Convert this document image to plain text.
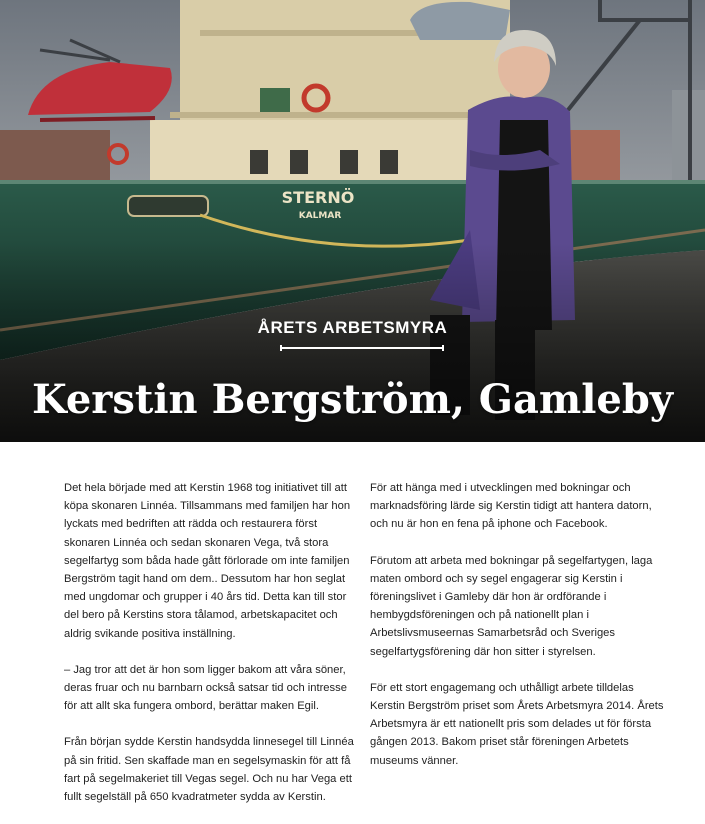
ÅRETS ARBETSMYRA
Kerstin Bergström, Gamleby

Det hela började med att Kerstin 1968 tog initiativet till att köpa skonaren Linnéa. Tillsammans med familjen har hon lyckats med bedriften att rädda och restaurera först skonaren Linnéa och sedan skonaren Vega, två stora segelfartyg som båda hade gått förlorade om inte familjen Bergström tagit hand om dem.. Dessutom har hon seglat med ungdomar och grupper i 40 års tid. Detta kan till stor del bero på Kerstins stora tålamod, arbetskapacitet och aldrig svikande positiva inställning.

– Jag tror att det är hon som ligger bakom att våra söner, deras fruar och nu barnbarn också satsar tid och intresse för att allt ska fungera ombord, berättar maken Egil.

Från början sydde Kerstin handsydda linnesegel till Linnéa på sin fritid. Sen skaffade man en segelsymaskin för att få fart på segelmakeriet till Vegas segel. Och nu har Vega ett fullt segelställ på 650 kvadratmeter sydda av Kerstin.

För att hänga med i utvecklingen med bokningar och marknadsföring lärde sig Kerstin tidigt att hantera datorn, och nu är hon en fena på iphone och Facebook.

Förutom att arbeta med bokningar på segelfartygen, laga maten ombord och sy segel engagerar sig Kerstin i föreningslivet i Gamleby där hon är ordförande i hembygdsföreningen och på nationellt plan i Arbetslivsmuseernas Samarbetsråd och Sveriges segelfartygsförening där hon sitter i styrelsen.

För ett stort engagemang och uthålligt arbete tilldelas Kerstin Bergström priset som Årets Arbetsmyra 2014. Årets Arbetsmyra är ett nationellt pris som delades ut för första gången 2013. Bakom priset står föreningen Arbetets museums vänner.
